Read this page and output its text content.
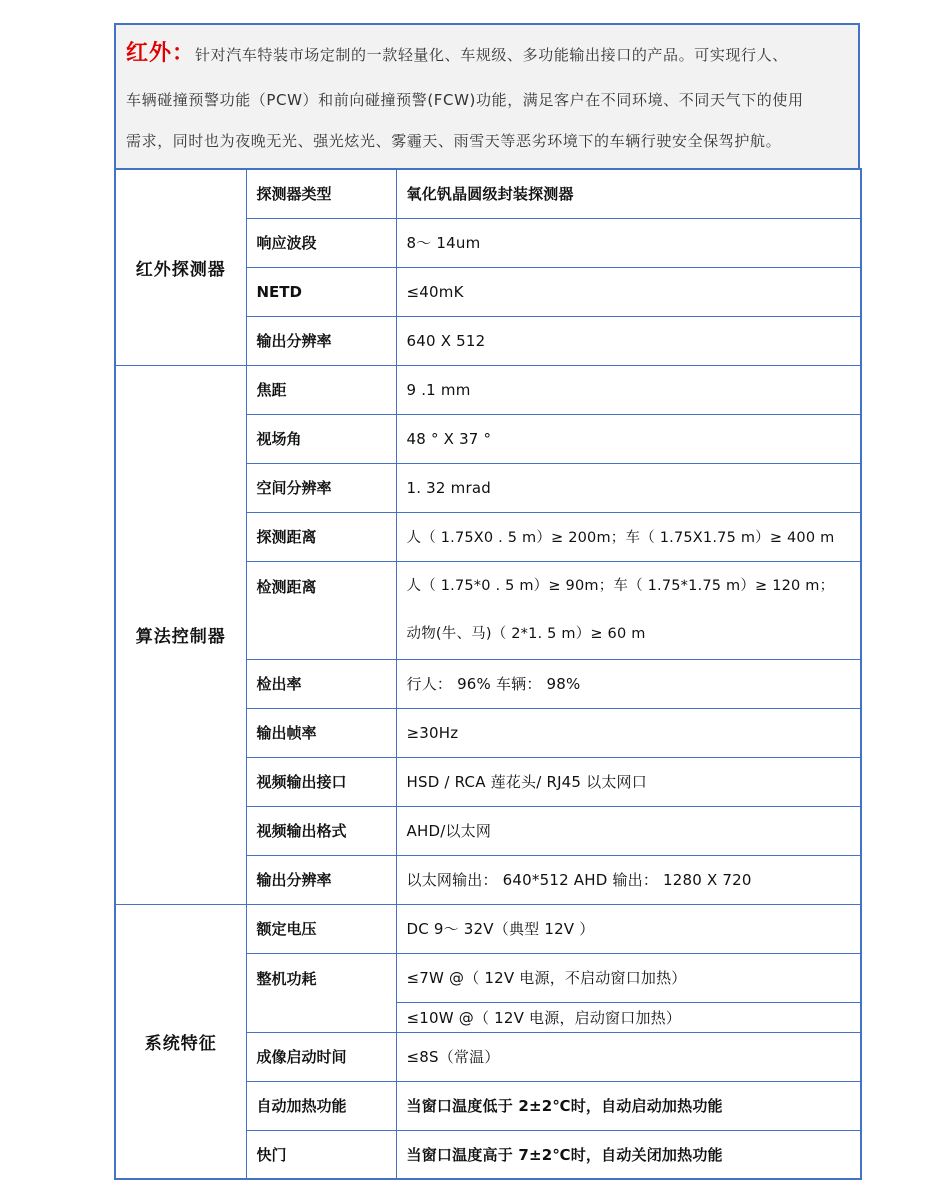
红外：针对汽车特装市场定制的一款轻量化、车规级、多功能输出接口的产品。可实现行人、

车辆碰撞预警功能（PCW）和前向碰撞预警(FCW)功能，满足客户在不同环境、不同天气下的使用

需求，同时也为夜晚无光、强光炫光、雾霾天、雨雪天等恶劣环境下的车辆行驶安全保驾护航。

红外探测器	探测器类型	氧化钒晶圆级封装探测器
	响应波段	8～ 14um
	NETD	≤40mK
	输出分辨率	640 X 512
算法控制器	焦距	9 .1 mm
	视场角	48 ° X 37 °
	空间分辨率	1. 32 mrad
	探测距离	人（ 1.75X0 . 5 m）≥ 200m；车（ 1.75X1.75 m）≥ 400 m
	检测距离	人（ 1.75*0 . 5 m）≥ 90m；车（ 1.75*1.75 m）≥ 120 m；
动物(牛、马)（ 2*1. 5 m）≥ 60 m

	检出率	行人： 96% 车辆： 98%
	输出帧率	≥30Hz
	视频输出接口	HSD / RCA 莲花头/ RJ45 以太网口
	视频输出格式	AHD/以太网
	输出分辨率	以太网输出： 640*512 AHD 输出： 1280 X 720
系统特征	额定电压	DC 9～ 32V（典型 12V ）
	整机功耗	≤7W @（ 12V 电源，不启动窗口加热）
		≤10W @（ 12V 电源，启动窗口加热）
	成像启动时间	≤8S（常温）
	自动加热功能	当窗口温度低于 2±2℃时，自动启动加热功能
	快门	当窗口温度高于 7±2℃时，自动关闭加热功能
